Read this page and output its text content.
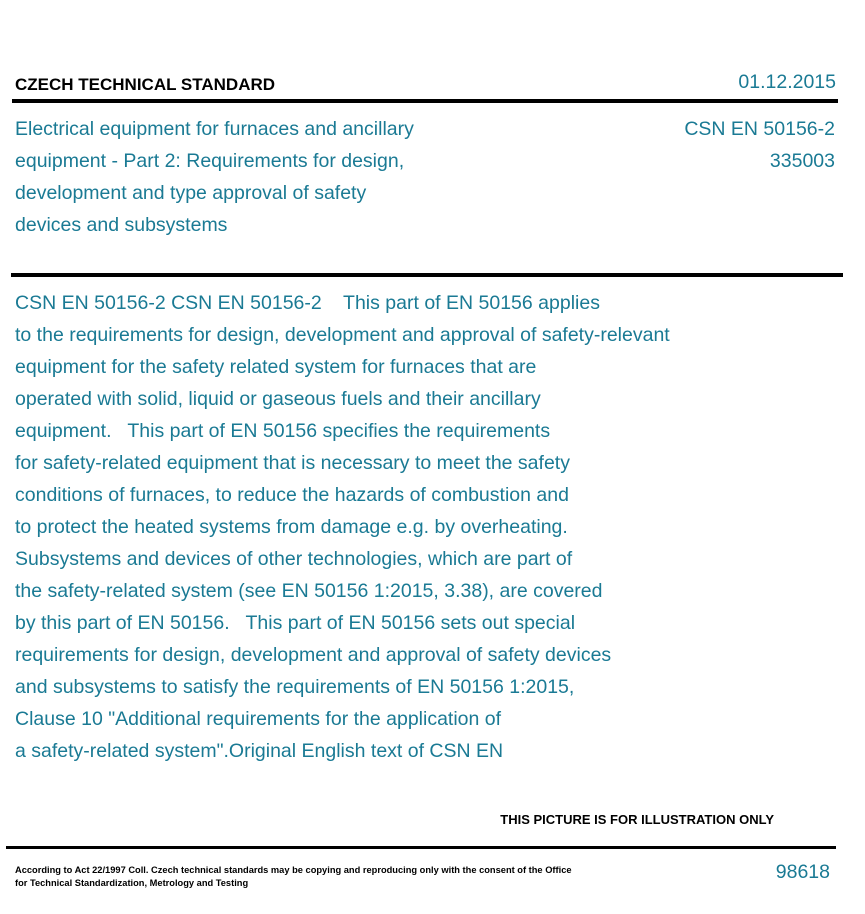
CZECH TECHNICAL STANDARD	01.12.2015
Electrical equipment for furnaces and ancillary
equipment - Part 2: Requirements for design,
development and type approval of safety
devices and subsystems
CSN EN 50156-2
335003
CSN EN 50156-2 CSN EN 50156-2    This part of EN 50156 applies
to the requirements for design, development and approval of safety-relevant
equipment for the safety related system for furnaces that are
operated with solid, liquid or gaseous fuels and their ancillary
equipment.   This part of EN 50156 specifies the requirements
for safety-related equipment that is necessary to meet the safety
conditions of furnaces, to reduce the hazards of combustion and
to protect the heated systems from damage e.g. by overheating.
Subsystems and devices of other technologies, which are part of
the safety-related system (see EN 50156 1:2015, 3.38), are covered
by this part of EN 50156.   This part of EN 50156 sets out special
requirements for design, development and approval of safety devices
and subsystems to satisfy the requirements of EN 50156 1:2015,
Clause 10 "Additional requirements for the application of
a safety-related system".Original English text of CSN EN
THIS PICTURE IS FOR ILLUSTRATION ONLY
According to Act 22/1997 Coll. Czech technical standards may be copying and reproducing only with the consent of the Office
for Technical Standardization, Metrology and Testing	98618
